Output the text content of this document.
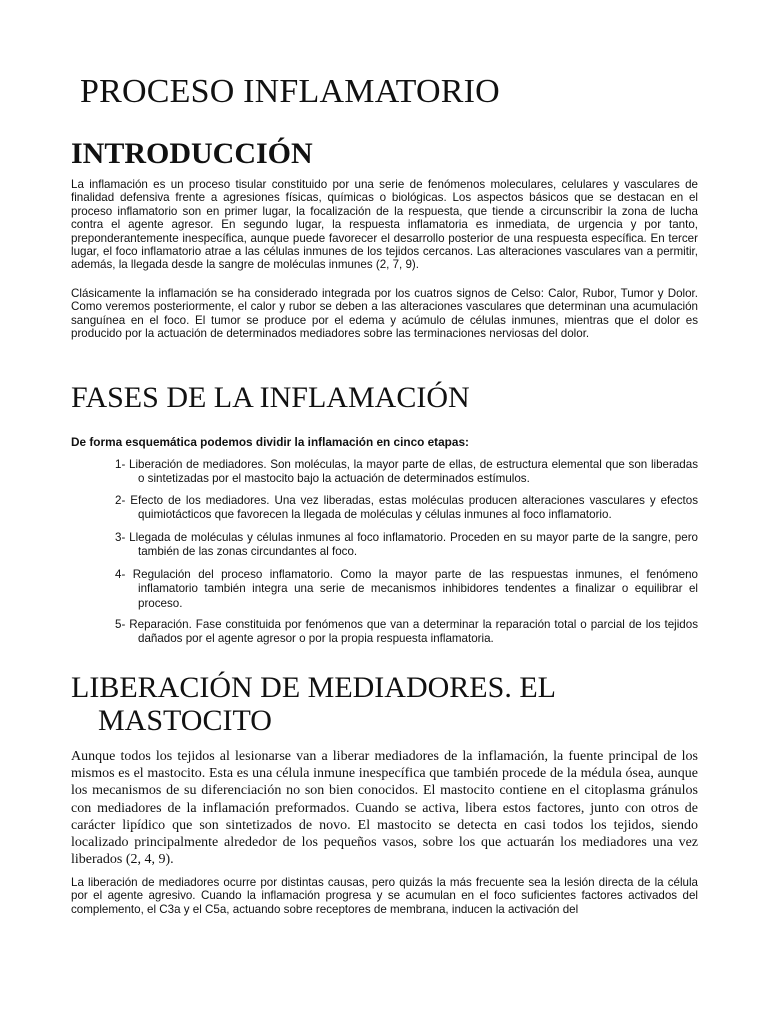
PROCESO INFLAMATORIO
INTRODUCCIÓN

La inflamación es un proceso tisular constituido por una serie de fenómenos moleculares, celulares y vasculares de finalidad defensiva frente a agresiones físicas, químicas o biológicas. Los aspectos básicos que se destacan en el proceso inflamatorio son en primer lugar, la focalización de la respuesta, que tiende a circunscribir la zona de lucha contra el agente agresor. En segundo lugar, la respuesta inflamatoria es inmediata, de urgencia y por tanto, preponderantemente inespecífica, aunque puede favorecer el desarrollo posterior de una respuesta específica. En tercer lugar, el foco inflamatorio atrae a las células inmunes de los tejidos cercanos. Las alteraciones vasculares van a permitir, además, la llegada desde la sangre de moléculas inmunes (2, 7, 9).

Clásicamente la inflamación se ha considerado integrada por los cuatros signos de Celso: Calor, Rubor, Tumor y Dolor. Como veremos posteriormente, el calor y rubor se deben a las alteraciones vasculares que determinan una acumulación sanguínea en el foco. El tumor se produce por el edema y acúmulo de células inmunes, mientras que el dolor es producido por la actuación de determinados mediadores sobre las terminaciones nerviosas del dolor.

FASES DE LA INFLAMACIÓN

De forma esquemática podemos dividir la inflamación en cinco etapas:

1- Liberación de mediadores. Son moléculas, la mayor parte de ellas, de estructura elemental que son liberadas o sintetizadas por el mastocito bajo la actuación de determinados estímulos.
2- Efecto de los mediadores. Una vez liberadas, estas moléculas producen alteraciones vasculares y efectos quimiotácticos que favorecen la llegada de moléculas y células inmunes al foco inflamatorio.
3- Llegada de moléculas y células inmunes al foco inflamatorio. Proceden en su mayor parte de la sangre, pero también de las zonas circundantes al foco.
4- Regulación del proceso inflamatorio. Como la mayor parte de las respuestas inmunes, el fenómeno inflamatorio también integra una serie de mecanismos inhibidores tendentes a finalizar o equilibrar el proceso.
5- Reparación. Fase constituida por fenómenos que van a determinar la reparación total o parcial de los tejidos dañados por el agente agresor o por la propia respuesta inflamatoria.
LIBERACIÓN DE MEDIADORES. EL
MASTOCITO

Aunque todos los tejidos al lesionarse van a liberar mediadores de la inflamación, la fuente principal de los mismos es el mastocito. Esta es una célula inmune inespecífica que también procede de la médula ósea, aunque los mecanismos de su diferenciación no son bien conocidos. El mastocito contiene en el citoplasma gránulos con mediadores de la inflamación preformados. Cuando se activa, libera estos factores, junto con otros de carácter lipídico que son sintetizados de novo. El mastocito se detecta en casi todos los tejidos, siendo localizado principalmente alrededor de los pequeños vasos, sobre los que actuarán los mediadores una vez liberados (2, 4, 9).

La liberación de mediadores ocurre por distintas causas, pero quizás la más frecuente sea la lesión directa de la célula por el agente agresivo. Cuando la inflamación progresa y se acumulan en el foco suficientes factores activados del complemento, el C3a y el C5a, actuando sobre receptores de membrana, inducen la activación del
